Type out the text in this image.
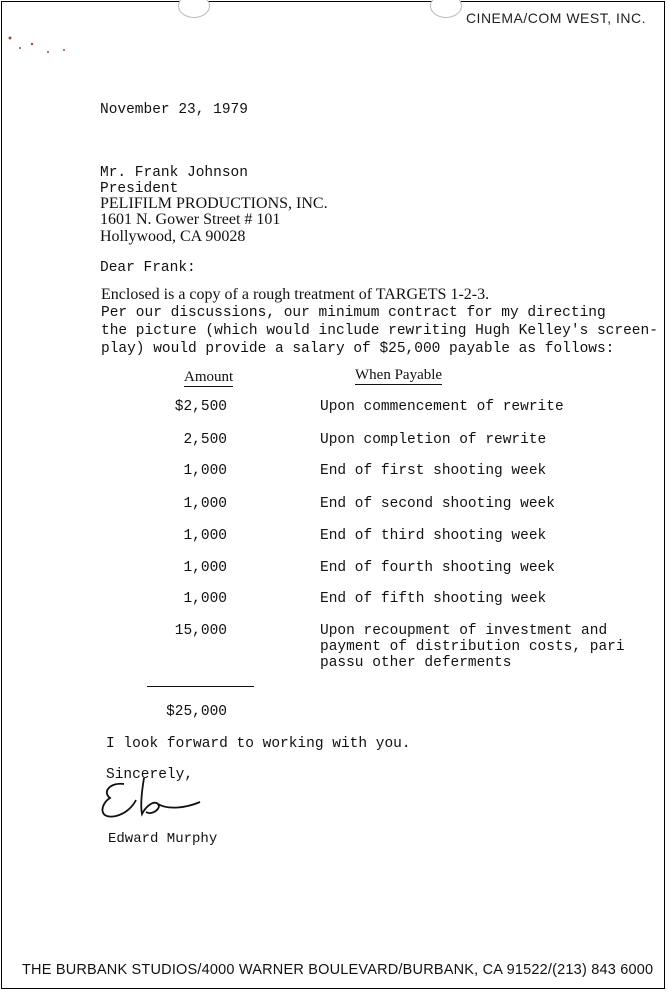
CINEMA/COM WEST, INC.
November 23, 1979
Mr. Frank Johnson
President
PELIFILM PRODUCTIONS, INC.
1601 N. Gower Street # 101
Hollywood, CA 90028
Dear Frank:
Enclosed is a copy of a rough treatment of TARGETS 1-2-3.
Per our discussions, our minimum contract for my directing
the picture (which would include rewriting Hugh Kelley's screen-
play) would provide a salary of $25,000 payable as follows:
Amount	When Payable
$2,500	Upon commencement of rewrite
2,500	Upon completion of rewrite
1,000	End of first shooting week
1,000	End of second shooting week
1,000	End of third shooting week
1,000	End of fourth shooting week
1,000	End of fifth shooting week
15,000	Upon recoupment of investment and
payment of distribution costs, pari
passu other deferments
$25,000
I look forward to working with you.
Sincerely,
Edward Murphy
THE BURBANK STUDIOS/4000 WARNER BOULEVARD/BURBANK, CA 91522/(213) 843 6000
